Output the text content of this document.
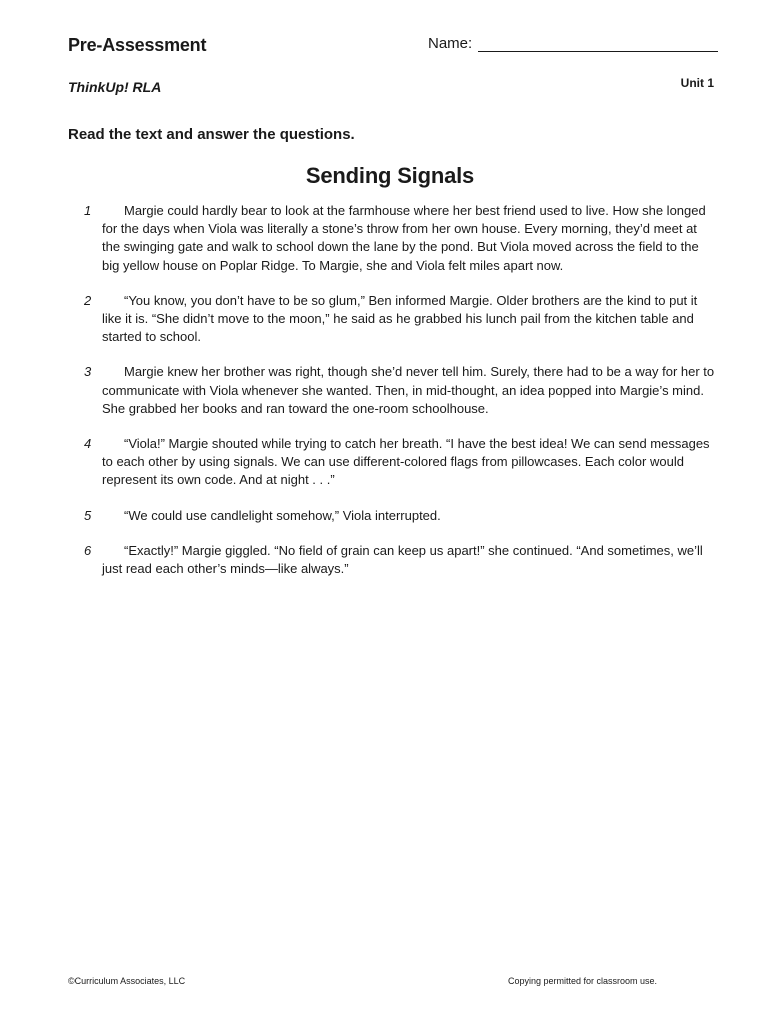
Pre-Assessment	Name:
ThinkUp! RLA	Unit 1
Read the text and answer the questions.
Sending Signals
1	Margie could hardly bear to look at the farmhouse where her best friend used to live. How she longed for the days when Viola was literally a stone’s throw from her own house. Every morning, they’d meet at the swinging gate and walk to school down the lane by the pond. But Viola moved across the field to the big yellow house on Poplar Ridge. To Margie, she and Viola felt miles apart now.
2	“You know, you don’t have to be so glum,” Ben informed Margie. Older brothers are the kind to put it like it is. “She didn’t move to the moon,” he said as he grabbed his lunch pail from the kitchen table and started to school.
3	Margie knew her brother was right, though she’d never tell him. Surely, there had to be a way for her to communicate with Viola whenever she wanted. Then, in mid-thought, an idea popped into Margie’s mind. She grabbed her books and ran toward the one-room schoolhouse.
4	“Viola!” Margie shouted while trying to catch her breath. “I have the best idea! We can send messages to each other by using signals. We can use different-colored flags from pillowcases. Each color would represent its own code. And at night . . .”
5	“We could use candlelight somehow,” Viola interrupted.
6	“Exactly!” Margie giggled. “No field of grain can keep us apart!” she continued. “And sometimes, we’ll just read each other’s minds—like always.”
©Curriculum Associates, LLC	Copying permitted for classroom use.
